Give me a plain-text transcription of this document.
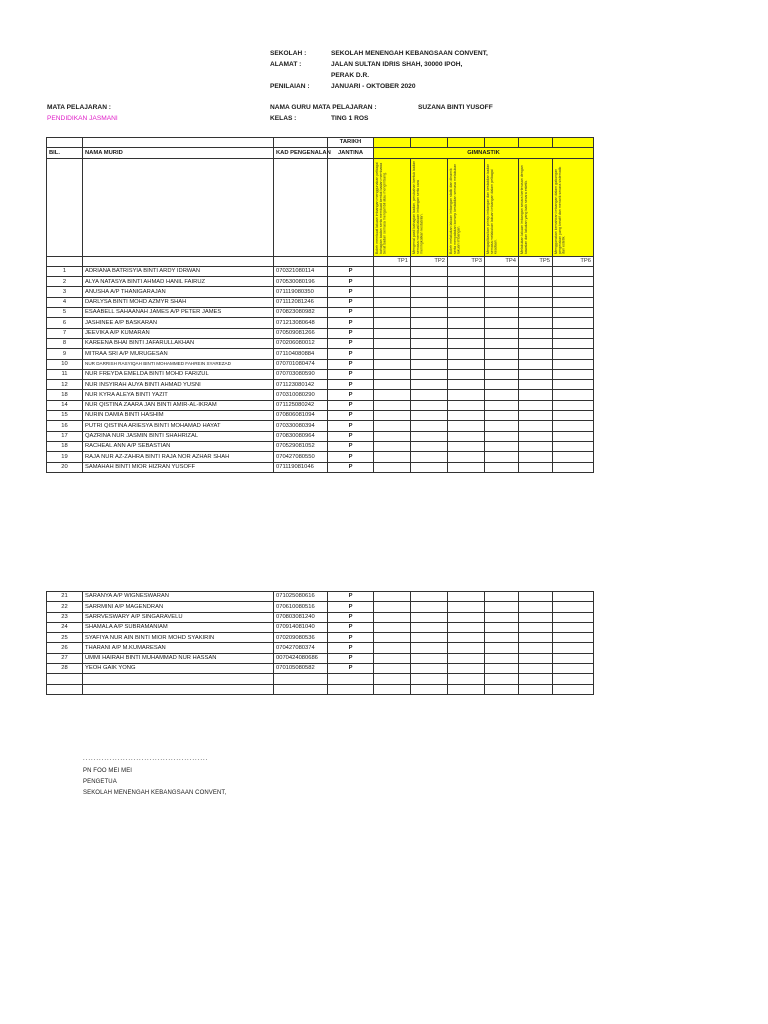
SEKOLAH :	SEKOLAH MENENGAH KEBANGSAAN CONVENT,
ALAMAT :	JALAN SULTAN IDRIS SHAH, 30000 IPOH,
PERAK D.R.
PENILAIAN :	JANUARI - OKTOBER 2020
MATA PELAJARAN :
PENDIDIKAN JASMANI
NAMA GURU MATA PELAJARAN :	SUZANA BINTI YUSOFF
KELAS :	TING 1 ROS
			TARIKH						
BIL.	NAMA MURID	KAD PENGENALAN	JANTINA	GIMNASTIK					

				Boleh membuat lakuan imbangan menggunakan pelbagai bahagian badan serta membuat bentuk badan membawa berat badan semasa mengambil atau mengimbang.	Mengenal pasti bahagian badan, perubahan bentuk badan semasa membuat lakuan imbangan serta cara meningkatkan kestabilan.	Boleh melakukan lakuan imbangan statik dan dinamik serta menyatakan konsep kestabilan semasa melakukan lakuan imbangan.	Mengaplikasikan prinsip imbangan dan kestabilan badan semasa melakukan lakuan imbangan dalam pelbagai keadaan.	Melakukan lakuan imbangan secara berterusan dengan kawalan dan lakukan yang baik secara estetik.	Menggunakan kemahiran imbangan dalam gabungan pergerakan yang kreatif dan menarik secara sistematik dan estetik.

				TP1	TP2	TP3	TP4	TP5	TP6
1	ADRIANA BATRISYIA BINTI ARDY IDRWAN	070321080114	P						
2	ALYA NATASYA BINTI AHMAD HANIL FAIRUZ	070530080196	P						
3	ANUSHA A/P THANIGARAJAN	071119080350	P						
4	DARLYSA BINTI MOHD AZMYR SHAH	071112081246	P						
5	ESAABELL SAHAANAH JAMES A/P PETER JAMES	070823080982	P						
6	JASHINEE A/P BASKARAN	071213080648	P						
7	JEEVIKA A/P KUMARAN	070509081266	P						
8	KAREENA BHAI BINTI JAFARULLAKHAN	070206080012	P						
9	MITRAA SRI A/P MURUGESAN	071104080884	P						
10	NUR DARRISH RASYIQAH BINTI MOHAMMED FAHREIN SYAREZAD	070701080474	P						
11	NUR FREYDA EMELDA BINTI MOHD FARIZUL	070703080590	P						
12	NUR INSYIRAH AUYA BINTI AHMAD YUSNI	071123080142	P						
18	NUR KYRA ALEYA BINTI YAZIT	070310080290	P						
14	NUR QISTINA ZAARA JAN BINTI AMIR-AL-IKRAM	071125080242	P						
15	NURIN DAMIA BINTI HASHIM	070806081094	P						
16	PUTRI QISTINA ARIESYA BINTI MOHAMAD HAYAT	070330080394	P						
17	QAZRINA NUR JASMIN BINTI SHAHRIZAL	070830080964	P						
18	RACHEAL ANN A/P SEBASTIAN	070529081052	P						
19	RAJA NUR AZ-ZAHRA BINTI RAJA NOR AZHAR SHAH	070427080550	P						
20	SAMAHAH BINTI MIOR HIZRAN YUSOFF	071119081046	P						
21	SARANYA A/P WIGNESWARAN	071025080616	P						
22	SARRMINI A/P MAGENDRAN	070610080516	P						
23	SARRVESWARY A/P SINGARAVELU	070803081240	P						
24	SHAMALA A/P SUBRAMANIAM	070914081040	P						
25	SYAFIYA NUR AIN BINTI MIOR MOHD SYAKIRIN	070209080536	P						
26	THARANI A/P M.KUMARESAN	070427080374	P						
27	UMMI HAIRAH BINTI MUHAMMAD NUR HASSAN	0070424080686	P						
28	YEOH GAIK YONG	070105080582	P						

...............................................
PN FOO MEI MEI
PENGETUA
SEKOLAH MENENGAH KEBANGSAAN CONVENT,
